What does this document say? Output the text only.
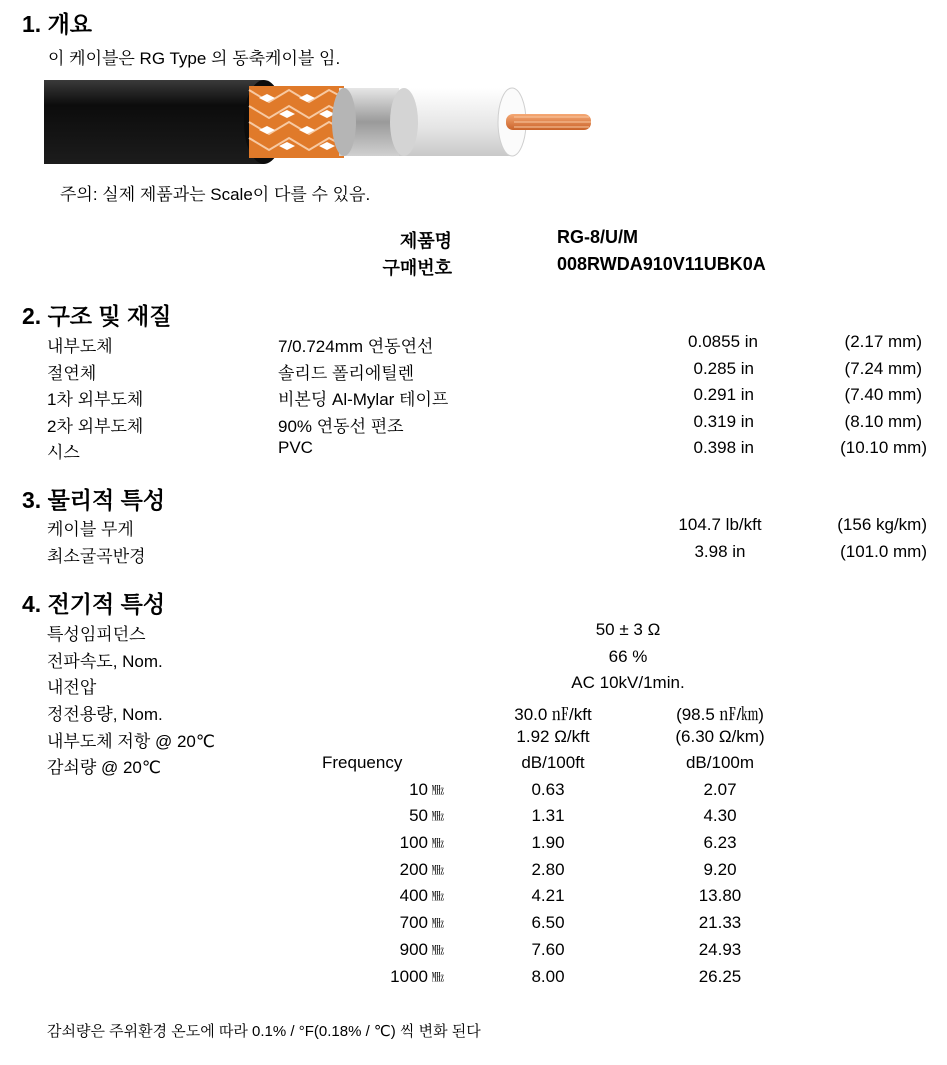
1. 개요
이 케이블은 RG Type 의 동축케이블 임.
주의: 실제 제품과는 Scale이 다를 수 있음.
제품명	RG-8/U/M
구매번호	008RWDA910V11UBK0A
2. 구조 및 재질
내부도체	7/0.724mm 연동연선	0.0855 in	(2.17 mm)
절연체	솔리드 폴리에틸렌	0.285 in	(7.24 mm)
1차 외부도체	비본딩 Al-Mylar 테이프	0.291 in	(7.40 mm)
2차 외부도체	90% 연동선 편조	0.319 in	(8.10 mm)
시스	PVC	0.398 in	(10.10 mm)
3. 물리적 특성
케이블 무게	104.7 lb/kft	(156 kg/km)
최소굴곡반경	3.98 in	(101.0 mm)
4. 전기적 특성
특성임피던스	50 ± 3 Ω
전파속도, Nom.	66 %
내전압	AC 10kV/1min.
정전용량, Nom.	30.0 ㎋/kft	(98.5 ㎋/㎞)
내부도체 저항 @ 20℃	1.92 Ω/kft	(6.30 Ω/km)
감쇠량 @ 20℃	Frequency	dB/100ft	dB/100m
10 ㎒	0.63	2.07
50 ㎒	1.31	4.30
100 ㎒	1.90	6.23
200 ㎒	2.80	9.20
400 ㎒	4.21	13.80
700 ㎒	6.50	21.33
900 ㎒	7.60	24.93
1000 ㎒	8.00	26.25
감쇠량은 주위환경 온도에 따라 0.1% / °F(0.18% / ℃) 씩 변화 된다
